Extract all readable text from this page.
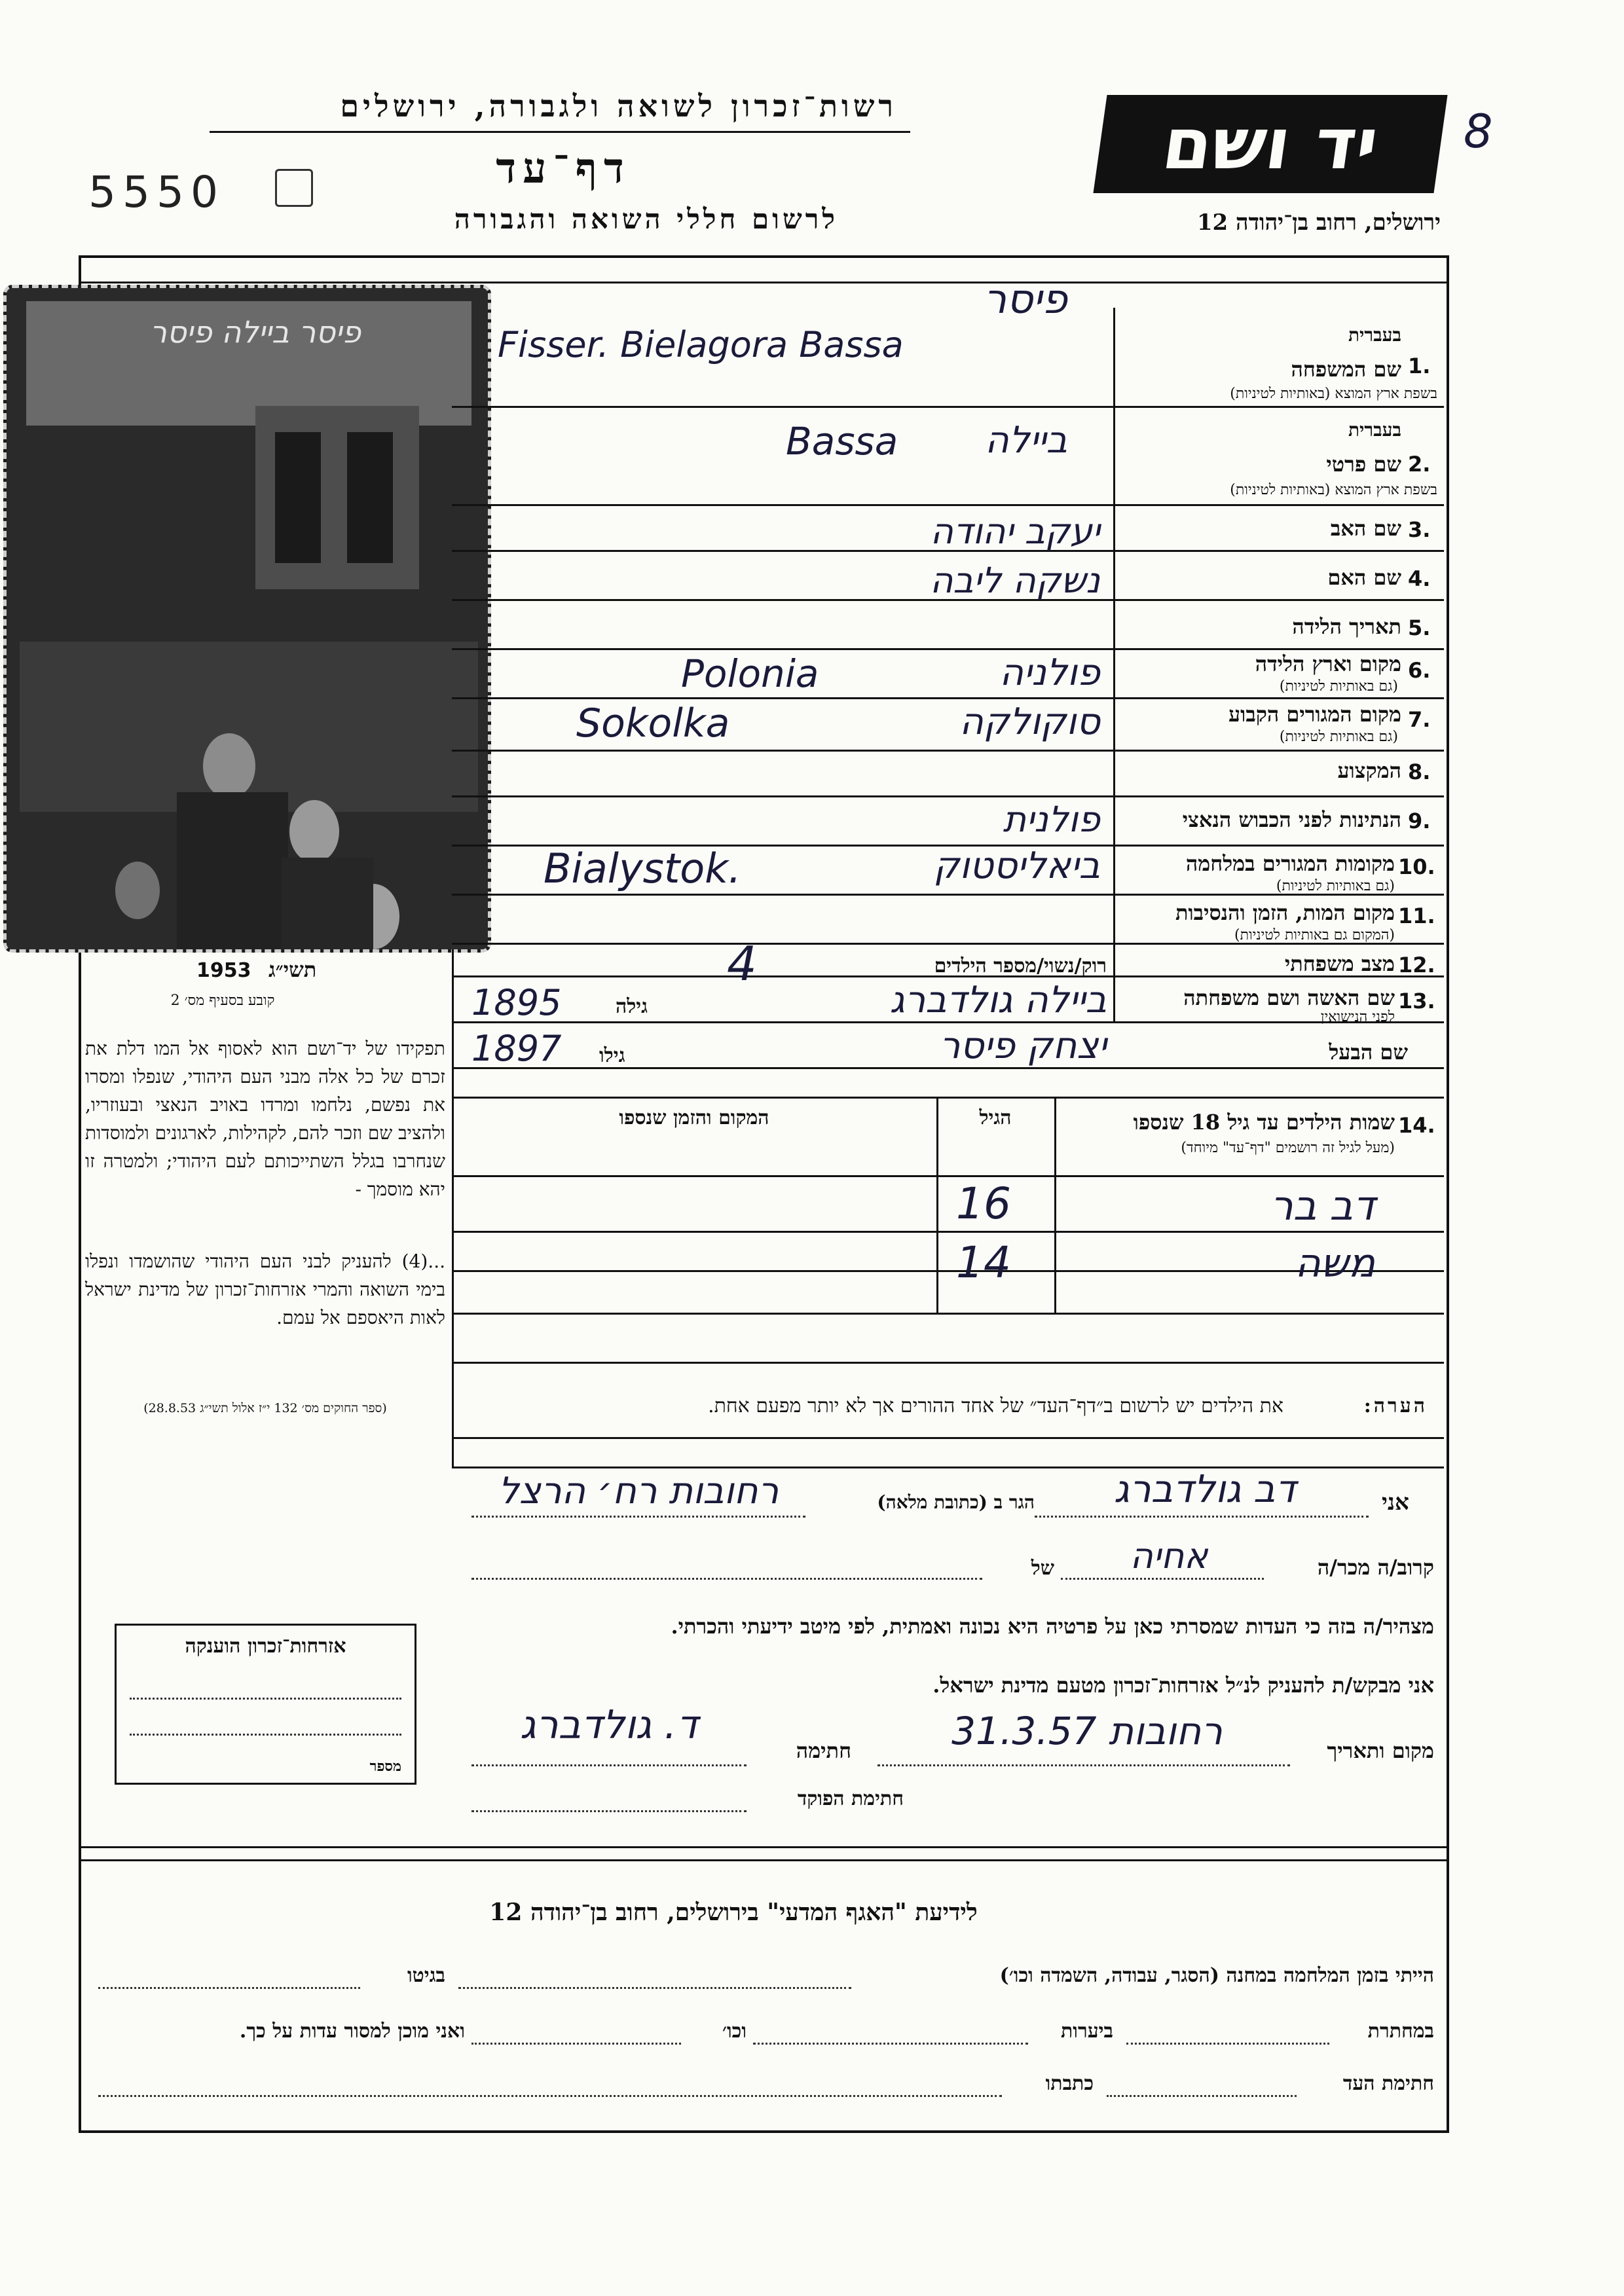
רשות־זכרון לשואה ולגבורה, ירושלים
דף־עד
5550
לרשום חללי השואה והגבורה
יד ושם 8
ירושלים, רחוב בן־יהודה 12
פיסר ביילה פיסר
1953 תשי״ג
קובע בסעיף מס׳ 2
תפקידו של יד־ושם הוא לאסוף אל המו דלת את זכרם של כל אלה מבני העם היהודי, שנפלו ומסרו את נפשם, נלחמו ומרדו באויב הנאצי ובעוזריו, ולהציב שם וזכר להם, לקהילות, לארגונים ולמוסדות שנחרבו בגלל השתייכותם לעם היהודי; ולמטרה זו יהא מוסמך -
...(4) להעניק לבני העם היהודי שהושמדו ונפלו בימי השואה והמרי אזרחות־זכרון של מדינת ישראל לאות היאספם אל עמם.
(ספר החוקים מס׳ 132 י״ז אלול תשי״ג 28.8.53)
1.
בעברית
שם המשפחה
בשפת ארץ המוצא (באותיות לטיניות)
פיסר
Fisser. Bielagora Bassa
2.
בעברית
שם פרטי
בשפת ארץ המוצא (באותיות לטיניות)
ביילה
Bassa
3.
שם האב
יעקב יהודה
4.
שם האם
נשקה ליבה
5.
תאריך הלידה
6.
מקום וארץ הלידה
(גם באותיות לטיניות)
פולניה
Polonia
7.
מקום המגורים הקבוע
(גם באותיות לטיניות)
סוקולקה
Sokolka
8.
המקצוע
9.
הנתינות לפני הכבוש הנאצי
פולנית
10.
מקומות המגורים במלחמה
(גם באותיות לטיניות)
ביאליסטוק
Bialystok.
11.
מקום המות, הזמן והנסיבות
(המקום גם באותיות לטיניות)
12.
מצב משפחתי
רוק/נשוי/מספר הילדים
4
13.
שם האשה ושם משפחתה
לפני הנישואין
גילה	ביילה גולדברג
1895
שם הבעל
גילו	יצחק פיסר
1897
14.
שמות הילדים עד גיל 18 שנספו
(מעל לגיל זה רושמים "דף־עד" מיוחד)
הגיל
המקום והזמן שנספו
דב בר
16
משה
14
הערה:
את הילדים יש לרשום ב״דף־העד״ של אחד ההורים אך לא יותר מפעם אחת.
אני
דב גולדברג
הגר ב (כתובת מלאה)
רחובות רח׳ הרצל
קרוב/ה מכר/ה
אחיה
של
מצהיר/ה בזה כי העדות שמסרתי כאן על פרטיה היא נכונה ואמתית, לפי מיטב ידיעתי והכרתי.
אני מבקש/ת להעניק לנ״ל אזרחות־זכרון מטעם מדינת ישראל.
מקום ותאריך
רחובות 31.3.57
חתימה
ד. גולדברג
חתימת הפוקד
אזרחות־זכרון הוענקה
מספר
לידיעת "האגף המדעי" בירושלים, רחוב בן־יהודה 12
הייתי בזמן המלחמה במחנה (הסגר, עבודה, השמדה וכו׳)
בגיטו
במחתרת
ביערות
וכו׳
ואני מוכן למסור עדות על כך.
חתימת העד
כתבתו
